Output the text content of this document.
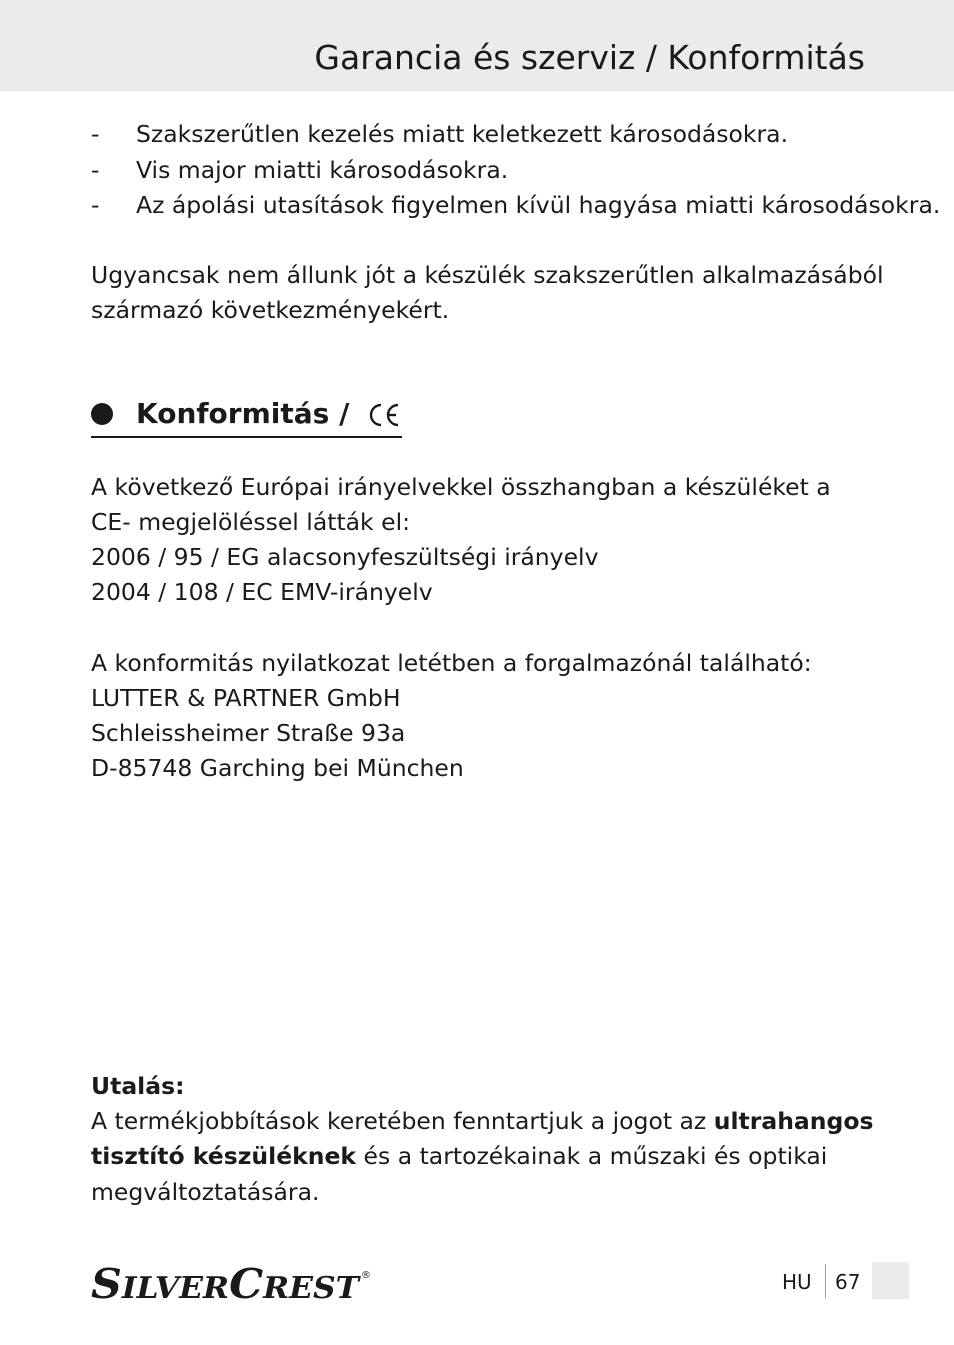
Garancia és szerviz / Konformitás
- Szakszerűtlen kezelés miatt keletkezett károsodásokra.
- Vis major miatti károsodásokra.
- Az ápolási utasítások figyelmen kívül hagyása miatti károsodásokra.
Ugyancsak nem állunk jót a készülék szakszerűtlen alkalmazásából
származó következményekért.
Konformitás /
A következő Európai irányelvekkel összhangban a készüléket a
CE- megjelöléssel látták el:
2006 / 95 / EG alacsonyfeszültségi irányelv
2004 / 108 / EC EMV-irányelv
A konformitás nyilatkozat letétben a forgalmazónál található:
LUTTER & PARTNER GmbH
Schleissheimer Straße 93a
D-85748 Garching bei München
Utalás:
A termékjobbítások keretében fenntartjuk a jogot az ultrahangos
tisztító készüléknek és a tartozékainak a műszaki és optikai
megváltoztatására.
SILVER CREST ®	HU 67
